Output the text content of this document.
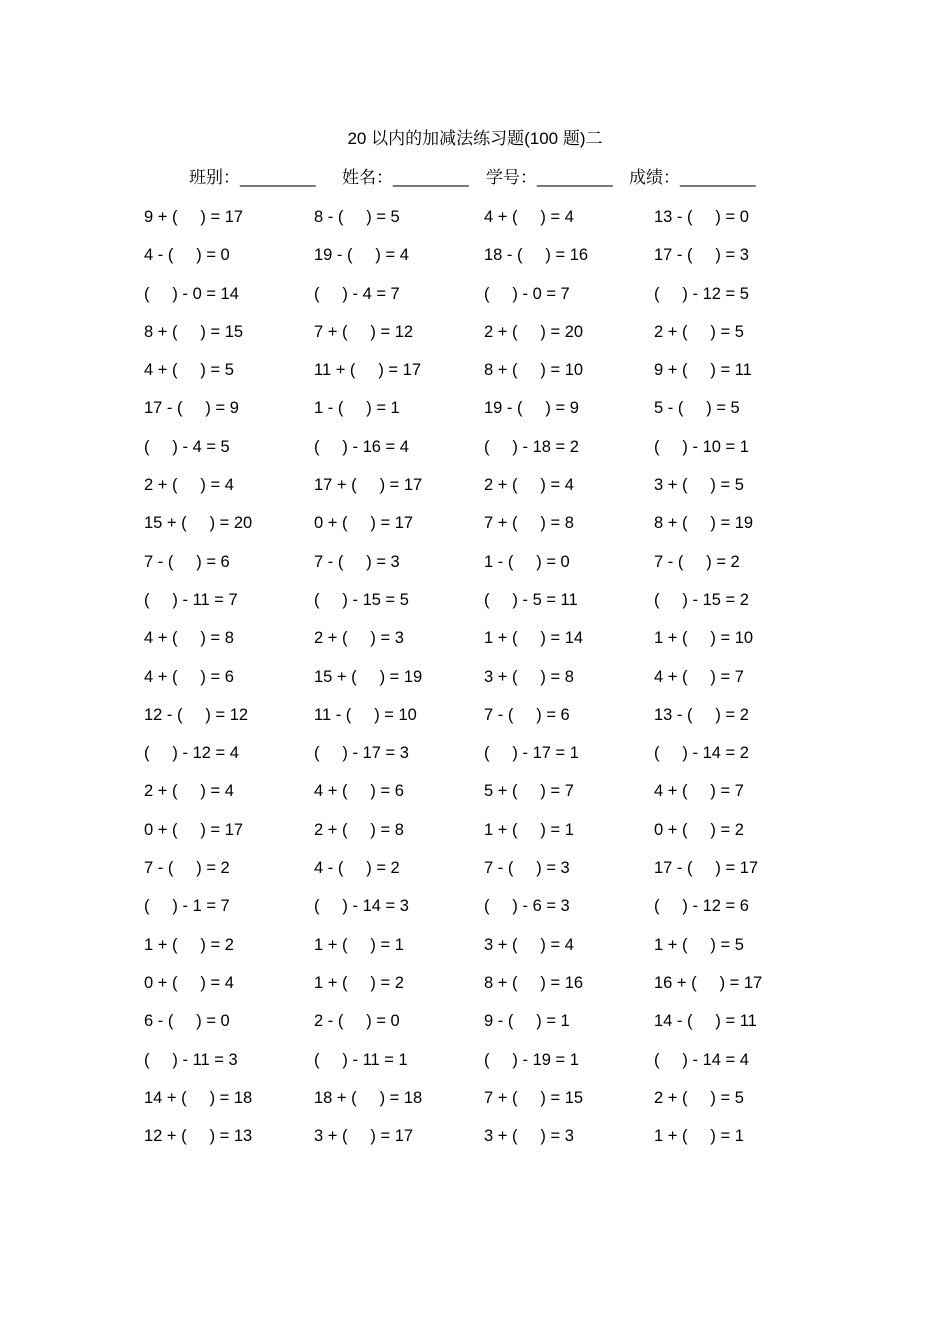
20 以内的加减法练习题(100 题)二
班别：________ 姓名：________ 学号：________ 成绩：________
9 + (     ) = 17	8 - (     ) = 5	4 + (     ) = 4	13 - (     ) = 0
4 - (     ) = 0	19 - (     ) = 4	18 - (     ) = 16	17 - (     ) = 3
(     ) - 0 = 14	(     ) - 4 = 7	(     ) - 0 = 7	(     ) - 12 = 5
8 + (     ) = 15	7 + (     ) = 12	2 + (     ) = 20	2 + (     ) = 5
4 + (     ) = 5	11 + (     ) = 17	8 + (     ) = 10	9 + (     ) = 11
17 - (     ) = 9	1 - (     ) = 1	19 - (     ) = 9	5 - (     ) = 5
(     ) - 4 = 5	(     ) - 16 = 4	(     ) - 18 = 2	(     ) - 10 = 1
2 + (     ) = 4	17 + (     ) = 17	2 + (     ) = 4	3 + (     ) = 5
15 + (     ) = 20	0 + (     ) = 17	7 + (     ) = 8	8 + (     ) = 19
7 - (     ) = 6	7 - (     ) = 3	1 - (     ) = 0	7 - (     ) = 2
(     ) - 11 = 7	(     ) - 15 = 5	(     ) - 5 = 11	(     ) - 15 = 2
4 + (     ) = 8	2 + (     ) = 3	1 + (     ) = 14	1 + (     ) = 10
4 + (     ) = 6	15 + (     ) = 19	3 + (     ) = 8	4 + (     ) = 7
12 - (     ) = 12	11 - (     ) = 10	7 - (     ) = 6	13 - (     ) = 2
(     ) - 12 = 4	(     ) - 17 = 3	(     ) - 17 = 1	(     ) - 14 = 2
2 + (     ) = 4	4 + (     ) = 6	5 + (     ) = 7	4 + (     ) = 7
0 + (     ) = 17	2 + (     ) = 8	1 + (     ) = 1	0 + (     ) = 2
7 - (     ) = 2	4 - (     ) = 2	7 - (     ) = 3	17 - (     ) = 17
(     ) - 1 = 7	(     ) - 14 = 3	(     ) - 6 = 3	(     ) - 12 = 6
1 + (     ) = 2	1 + (     ) = 1	3 + (     ) = 4	1 + (     ) = 5
0 + (     ) = 4	1 + (     ) = 2	8 + (     ) = 16	16 + (     ) = 17
6 - (     ) = 0	2 - (     ) = 0	9 - (     ) = 1	14 - (     ) = 11
(     ) - 11 = 3	(     ) - 11 = 1	(     ) - 19 = 1	(     ) - 14 = 4
14 + (     ) = 18	18 + (     ) = 18	7 + (     ) = 15	2 + (     ) = 5
12 + (     ) = 13	3 + (     ) = 17	3 + (     ) = 3	1 + (     ) = 1
